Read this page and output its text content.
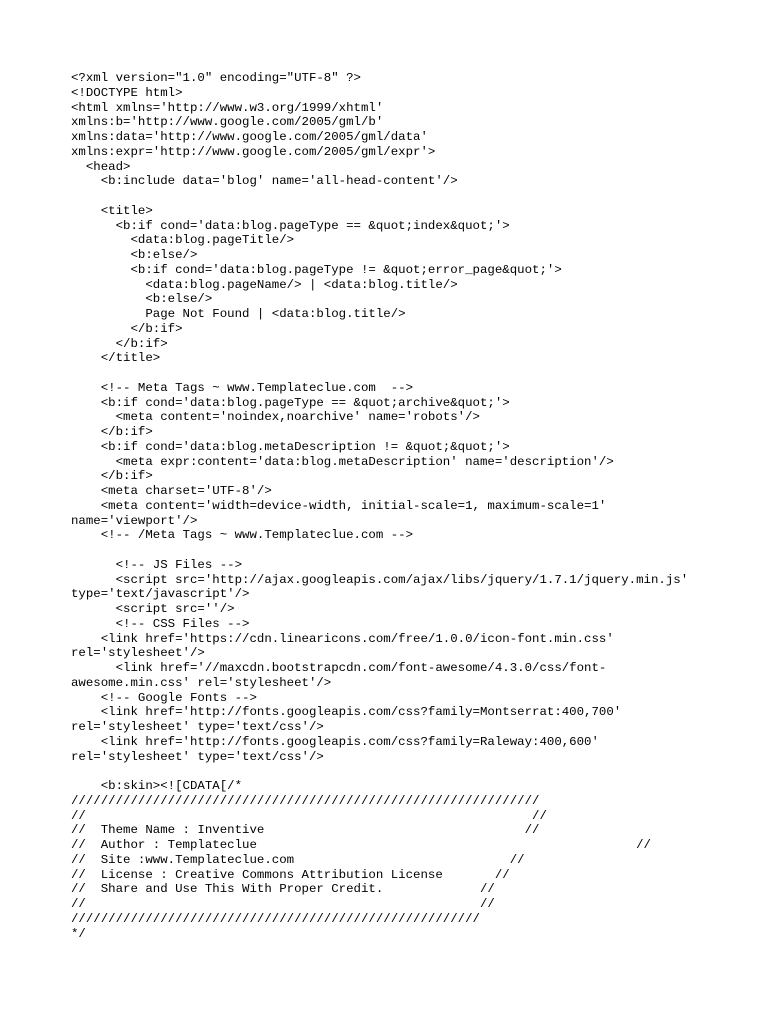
<?xml version="1.0" encoding="UTF-8" ?>
<!DOCTYPE html>
<html xmlns='http://www.w3.org/1999/xhtml'
xmlns:b='http://www.google.com/2005/gml/b'
xmlns:data='http://www.google.com/2005/gml/data'
xmlns:expr='http://www.google.com/2005/gml/expr'>
<head>
<b:include data='blog' name='all-head-content'/>
<title>
<b:if cond='data:blog.pageType == &quot;index&quot;'>
<data:blog.pageTitle/>
<b:else/>
<b:if cond='data:blog.pageType != &quot;error_page&quot;'>
<data:blog.pageName/> | <data:blog.title/>
<b:else/>
Page Not Found | <data:blog.title/>
</b:if>
</b:if>
</title>
<!-- Meta Tags ~ www.Templateclue.com  -->
<b:if cond='data:blog.pageType == &quot;archive&quot;'>
<meta content='noindex,noarchive' name='robots'/>
</b:if>
<b:if cond='data:blog.metaDescription != &quot;&quot;'>
<meta expr:content='data:blog.metaDescription' name='description'/>
</b:if>
<meta charset='UTF-8'/>
<meta content='width=device-width, initial-scale=1, maximum-scale=1'
name='viewport'/>
<!-- /Meta Tags ~ www.Templateclue.com -->
<!-- JS Files -->
<script src='http://ajax.googleapis.com/ajax/libs/jquery/1.7.1/jquery.min.js'
type='text/javascript'/>
<script src=''/>
<!-- CSS Files -->
<link href='https://cdn.linearicons.com/free/1.0.0/icon-font.min.css'
rel='stylesheet'/>
<link href='//maxcdn.bootstrapcdn.com/font-awesome/4.3.0/css/font-
awesome.min.css' rel='stylesheet'/>
<!-- Google Fonts -->
<link href='http://fonts.googleapis.com/css?family=Montserrat:400,700'
rel='stylesheet' type='text/css'/>
<link href='http://fonts.googleapis.com/css?family=Raleway:400,600'
rel='stylesheet' type='text/css'/>
<b:skin><![CDATA[/*
///////////////////////////////////////////////////////////////
//                                                            //
//  Theme Name : Inventive                                   //
//  Author : Templateclue                                                   //
//  Site :www.Templateclue.com                             //
//  License : Creative Commons Attribution License       //
//  Share and Use This With Proper Credit.             //
//                                                     //
///////////////////////////////////////////////////////
*/
